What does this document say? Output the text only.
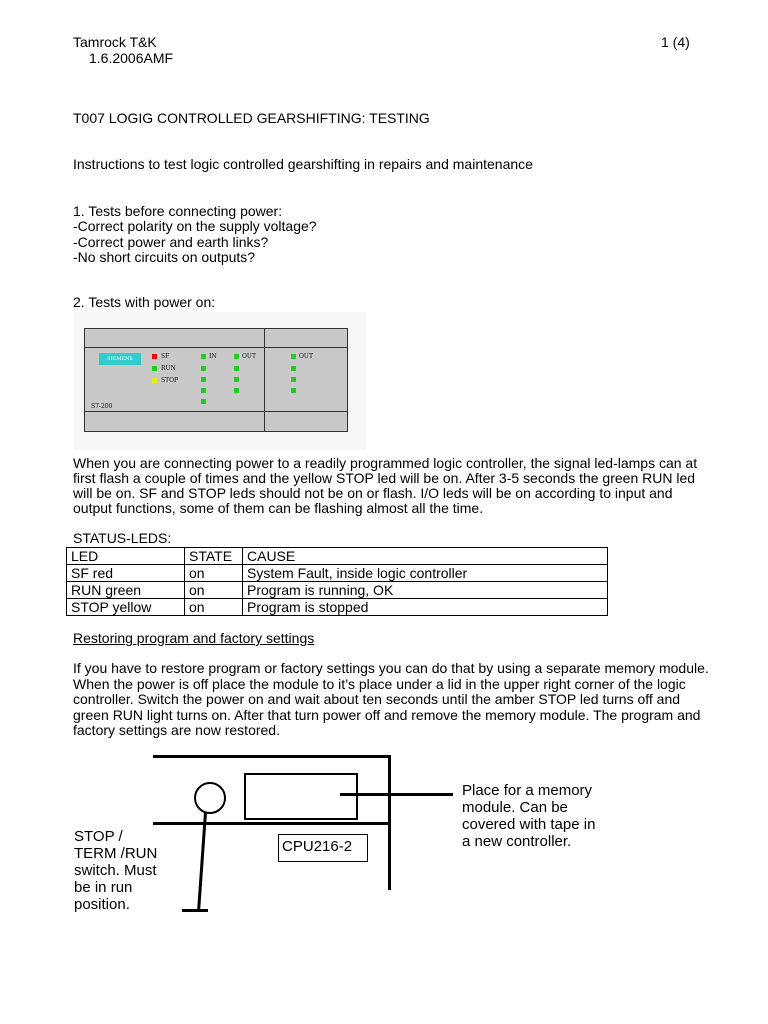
Tamrock T&K	1 (4)
1.6.2006AMF
T007 LOGIG CONTROLLED GEARSHIFTING: TESTING
Instructions to test logic controlled gearshifting in repairs and maintenance
1. Tests before connecting power:
-Correct polarity on the supply voltage?
-Correct power and earth links?
-No short circuits on outputs?
2. Tests with power on:
SIEMENS
S7-200
SF
RUN
STOP
IN	OUT	OUT
When you are connecting power to a readily programmed logic controller, the signal led-lamps can at
first flash a couple of times and the yellow STOP led will be on. After 3-5 seconds the green RUN led
will be on. SF and STOP leds should not be on or flash. I/O leds will be on according to input and
output functions, some of them can be flashing almost all the time.
STATUS-LEDS:
LED	STATE	CAUSE
SF red	on	System Fault, inside logic controller
RUN green	on	Program is running, OK
STOP yellow	on	Program is stopped
Restoring program and factory settings
If you have to restore program or factory settings you can do that by using a separate memory module.
When the power is off place the module to it’s place under a lid in the upper right corner of the logic
controller. Switch the power on and wait about ten seconds until the amber STOP led turns off and
green RUN light turns on. After that turn power off and remove the memory module. The program and
factory settings are now restored.
CPU216-2
STOP /
TERM /RUN
switch. Must
be in run
position.
Place for a memory
module. Can be
covered with tape in
a new controller.
